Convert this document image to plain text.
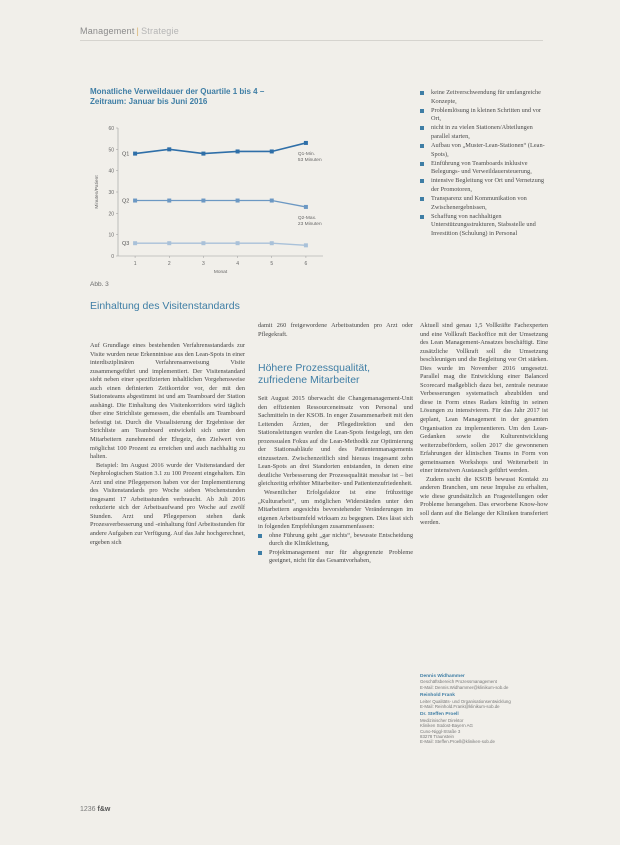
Management | Strategie
Monatliche Verweildauer der Quartile 1 bis 4 – Zeitraum: Januar bis Juni 2016
0
10
20
30
40
50
60
1	2	3	4	5	6
Monat
Minuten/Patient
Q1
Q2
Q3
Q1-Min.
53 Minuten
Q2-Max.
23 Minuten
Abb. 3
keine Zeitverschwendung für umfangreiche Konzepte,
Problemlösung in kleinen Schritten und vor Ort,
nicht in zu vielen Stationen/Abteilungen parallel starten,
Aufbau von „Muster-Lean-Stationen“ (Lean-Spots),
Einführung von Teamboards inklusive Belegungs- und Verweildauersteuerung,
intensive Begleitung vor Ort und Vernetzung der Promotoren,
Transparenz und Kommunikation von Zwischenergebnissen,
Schaffung von nachhaltigen Unterstützungsstrukturen, Stabsstelle und Investition (Schulung) in Personal
Einhaltung des Visitenstandards

Auf Grundlage eines bestehenden Verfahrensstandards zur Visite wurden neue Erkenntnisse aus den Lean-Spots in einer interdisziplinären Verfahrensanweisung Visite zusammengeführt und implementiert. Der Visitenstandard sieht neben einer spezifizierten inhaltlichen Vorgehensweise auch einen definierten Zeitkorridor vor, der mit den Stationsteams abgestimmt ist und am Teamboard der Station aushängt. Die Einhaltung des Visitenkorridors wird täglich über eine Strichliste gemessen, die ebenfalls am Teamboard befestigt ist. Durch die Visualisierung der Ergebnisse der Strichliste am Teamboard entwickelt sich unter den Mitarbeitern zunehmend der Ehrgeiz, den Zielwert von möglichst 100 Prozent zu erreichen und auch nachhaltig zu halten.

Beispiel: Im August 2016 wurde der Visitenstandard der Nephrologischen Station 3.1 zu 100 Prozent eingehalten. Ein Arzt und eine Pflegeperson haben vor der Implementierung des Visitenstandards pro Woche sieben Wochenstunden insgesamt 17 Arbeitsstunden verbraucht. Ab Juli 2016 reduzierte sich der Arbeitsaufwand pro Woche auf zwölf Stunden. Arzt und Pflegeperson stehen dank Prozessverbesserung und -einhaltung fünf Arbeitsstunden für andere Aufgaben zur Verfügung. Auf das Jahr hochgerechnet, ergeben sich

damit 260 freigewordene Arbeitsstunden pro Arzt oder Pflegekraft.

Höhere Prozessqualität, zufriedene Mitarbeiter

Seit August 2015 überwacht die Changemanagement-Unit den effizienten Ressourceneinsatz von Personal und Sachmitteln in der KSOB. In enger Zusammenarbeit mit den Leitenden Ärzten, der Pflegedirektion und den Stationsleitungen wurden die Lean-Spots festgelegt, um den prozessualen Fokus auf die Lean-Methodik zur Optimierung der Stationsabläufe und des Patientenmanagements einzusetzen. Zwischenzeitlich sind hieraus insgesamt zehn Lean-Spots an drei Standorten entstanden, in denen eine deutliche Verbesserung der Prozessqualität messbar ist – bei gleichzeitig erhöhter Mitarbeiter- und Patientenzufriedenheit.

Wesentlicher Erfolgsfaktor ist eine frühzeitige „Kulturarbeit“, um möglichen Widerständen unter den Mitarbeitern angesichts bevorstehender Veränderungen im eigenen Arbeitsumfeld wirksam zu begegnen. Dies lässt sich in folgenden Empfehlungen zusammenfassen:

ohne Führung geht „gar nichts“, bewusste Entscheidung durch die Klinikleitung,
Projektmanagement nur für abgegrenzte Probleme geeignet, nicht für das Gesamtvorhaben,

Aktuell sind genau 1,5 Vollkräfte Fachexperten und eine Vollkraft Backoffice mit der Umsetzung des Lean Management-Ansatzes beschäftigt. Eine zusätzliche Vollkraft soll die Umsetzung beschleunigen und die Begleitung vor Ort stärken. Dies wurde im November 2016 umgesetzt. Parallel mag die Entwicklung einer Balanced Scorecard maßgeblich dazu bei, zentrale neuraue Verbesserungen systematisch abzubilden und diese in Form eines Radars künftig in seinen Lösungen zu intensivieren. Für das Jahr 2017 ist geplant, Lean Management in der gesamten Organisation zu implementieren. Um den Lean-Gedanken sowie die Kulturentwicklung weiterzubefördern, sollen 2017 die gewonnenen Erfahrungen der klinischen Teams in Form von gemeinsamen Workshops und Weiterarbeit in einer intensiven Austausch geführt werden.

Zudem sucht die KSOB bewusst Kontakt zu anderen Branchen, um neue Impulse zu erhalten, wie diese grundsätzlich an Fragestellungen oder Probleme herangehen. Das erworbene Know-how soll dann auf die Belange der Kliniken transferiert werden.

Dennis Widhammer
Geschäftsbereich Prozessmanagement
E-Mail: Dennis.Widhammer@klinikum-sob.de
Reinhold Frank
Leiter Qualitäts- und Organisationsentwicklung
E-Mail: Reinhold.Frank@klinikum-sob.de
Dr. Steffen Proell
Medizinischer Direktor
Kliniken Südost-Bayern AG
Cuno-Niggl-Straße 3
83278 Traunstein
E-Mail: Steffen.Proell@kliniken-sob.de
1236 f&w
